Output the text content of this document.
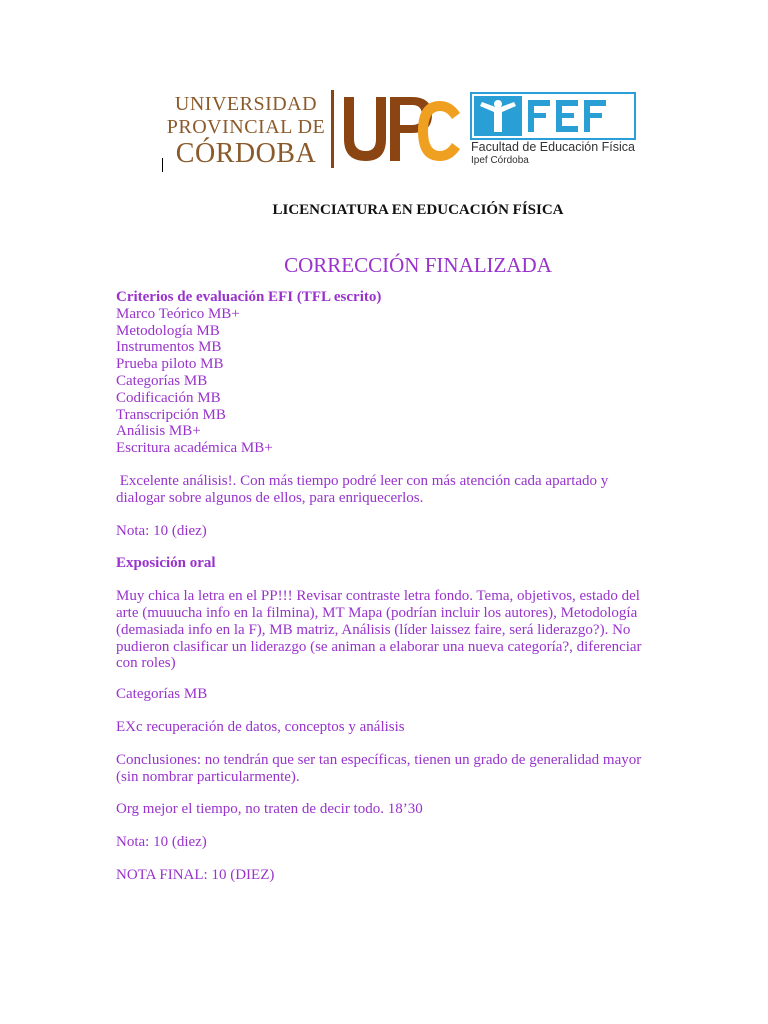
UNIVERSIDAD
PROVINCIAL DE
CÓRDOBA	Facultad de Educación Física
Ipef Córdoba
LICENCIATURA EN EDUCACIÓN FÍSICA
CORRECCIÓN FINALIZADA

Criterios de evaluación EFI (TFL escrito)

Marco Teórico MB+

Metodología MB

Instrumentos MB

Prueba piloto MB

Categorías MB

Codificación MB

Transcripción MB

Análisis MB+

Escritura académica MB+

Excelente análisis!. Con más tiempo podré leer con más atención cada apartado y

dialogar sobre algunos de ellos, para enriquecerlos.

Nota: 10 (diez)

Exposición oral

Muy chica la letra en el PP!!! Revisar contraste letra fondo. Tema, objetivos, estado del

arte (muuucha info en la filmina), MT Mapa (podrían incluir los autores), Metodología

(demasiada info en la F), MB matriz, Análisis (líder laissez faire, será liderazgo?). No

pudieron clasificar un liderazgo (se animan a elaborar una nueva categoría?, diferenciar

con roles)

Categorías MB

EXc recuperación de datos, conceptos y análisis

Conclusiones: no tendrán que ser tan específicas, tienen un grado de generalidad mayor

(sin nombrar particularmente).

Org mejor el tiempo, no traten de decir todo. 18’30

Nota: 10 (diez)

NOTA FINAL: 10 (DIEZ)
